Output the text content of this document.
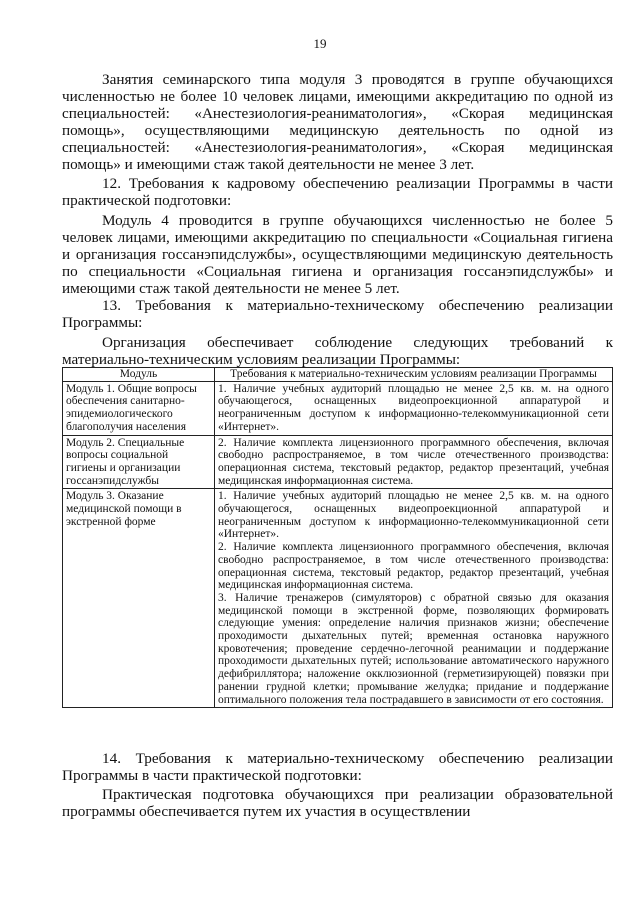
19

Занятия семинарского типа модуля 3 проводятся в группе обучающихся численностью не более 10 человек лицами, имеющими аккредитацию по одной из специальностей: «Анестезиология-реаниматология», «Скорая медицинская помощь», осуществляющими медицинскую деятельность по одной из специальностей: «Анестезиология-реаниматология», «Скорая медицинская помощь» и имеющими стаж такой деятельности не менее 3 лет.

12. Требования к кадровому обеспечению реализации Программы в части практической подготовки:

Модуль 4 проводится в группе обучающихся численностью не более 5 человек лицами, имеющими аккредитацию по специальности «Социальная гигиена и организация госсанэпидслужбы», осуществляющими медицинскую деятельность по специальности «Социальная гигиена и организация госсанэпидслужбы» и имеющими стаж такой деятельности не менее 5 лет.

13. Требования к материально-техническому обеспечению реализации Программы:

Организация обеспечивает соблюдение следующих требований к материально-техническим условиям реализации Программы:

Модуль	Требования к материально-техническим условиям реализации Программы
Модуль 1. Общие вопросы обеспечения санитарно-эпидемиологического благополучия населения	1. Наличие учебных аудиторий площадью не менее 2,5 кв. м. на одного обучающегося, оснащенных видеопроекционной аппаратурой и неограниченным доступом к информационно-телекоммуникационной сети «Интернет».

Модуль 2. Специальные вопросы социальной гигиены и организации госсанэпидслужбы	2. Наличие комплекта лицензионного программного обеспечения, включая свободно распространяемое, в том числе отечественного производства: операционная система, текстовый редактор, редактор презентаций, учебная медицинская информационная система.

Модуль 3. Оказание медицинской помощи в экстренной форме	1. Наличие учебных аудиторий площадью не менее 2,5 кв. м. на одного обучающегося, оснащенных видеопроекционной аппаратурой и неограниченным доступом к информационно-телекоммуникационной сети «Интернет».

2. Наличие комплекта лицензионного программного обеспечения, включая свободно распространяемое, в том числе отечественного производства: операционная система, текстовый редактор, редактор презентаций, учебная медицинская информационная система.

3. Наличие тренажеров (симуляторов) с обратной связью для оказания медицинской помощи в экстренной форме, позволяющих формировать следующие умения: определение наличия признаков жизни; обеспечение проходимости дыхательных путей; временная остановка наружного кровотечения; проведение сердечно-легочной реанимации и поддержание проходимости дыхательных путей; использование автоматического наружного дефибриллятора; наложение окклюзионной (герметизирующей) повязки при ранении грудной клетки; промывание желудка; придание и поддержание оптимального положения тела пострадавшего в зависимости от его состояния.

14. Требования к материально-техническому обеспечению реализации Программы в части практической подготовки:

Практическая подготовка обучающихся при реализации образовательной программы обеспечивается путем их участия в осуществлении
